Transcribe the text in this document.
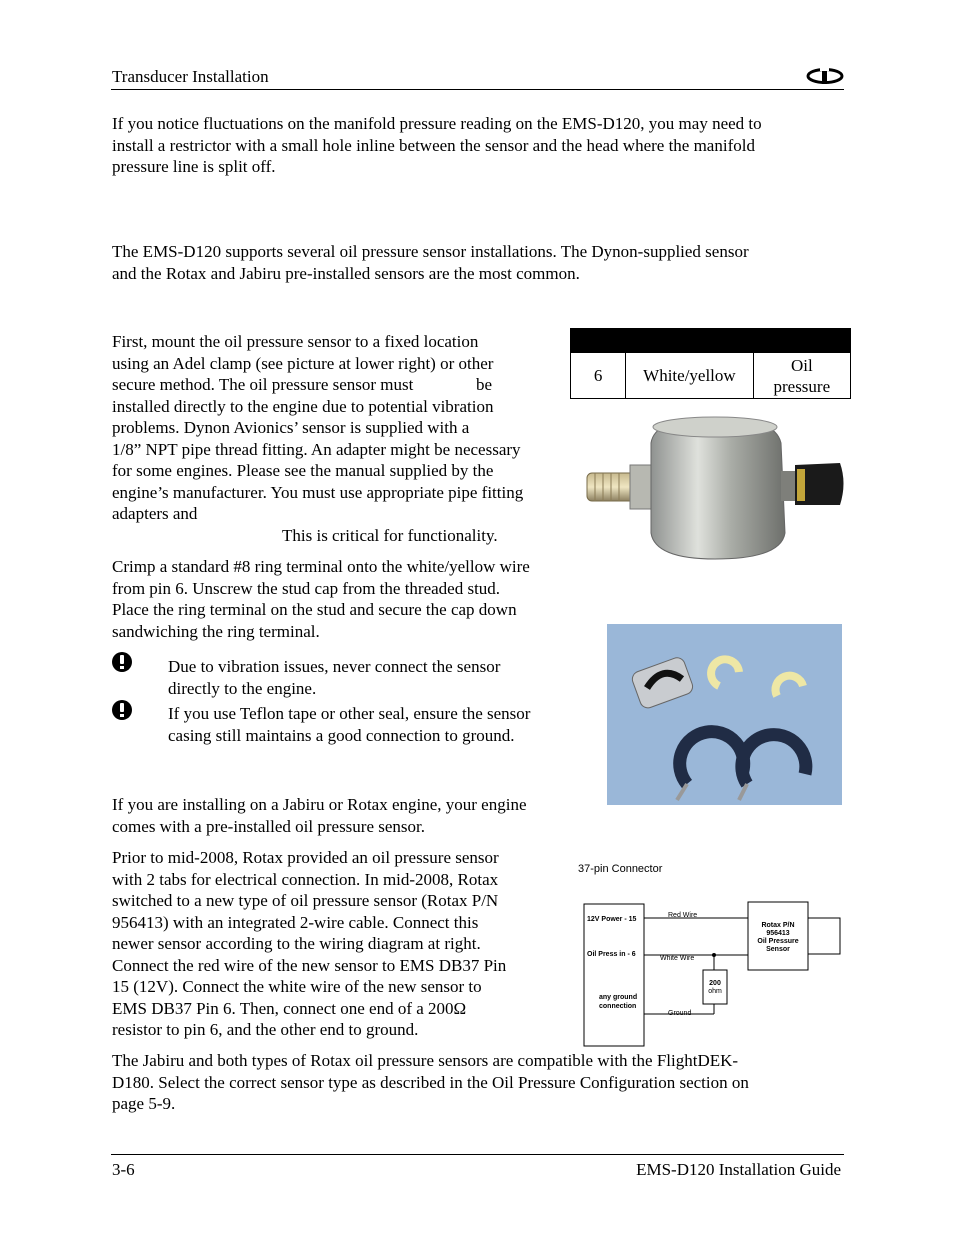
Transducer Installation
If you notice fluctuations on the manifold pressure reading on the EMS-D120, you may need to
install a restrictor with a small hole inline between the sensor and the head where the manifold
pressure line is split off.
The EMS-D120 supports several oil pressure sensor installations. The Dynon-supplied sensor
and the Rotax and Jabiru pre-installed sensors are the most common.
First, mount the oil pressure sensor to a fixed location
using an Adel clamp (see picture at lower right) or other
secure method. The oil pressure sensor must	be
installed directly to the engine due to potential vibration
problems. Dynon Avionics’ sensor is supplied with a
1/8” NPT pipe thread fitting. An adapter might be necessary
for some engines. Please see the manual supplied by the
engine’s manufacturer. You must use appropriate pipe fitting
adapters and
This is critical for functionality.

6	White/yellow	Oil
pressure
Crimp a standard #8 ring terminal onto the white/yellow wire
from pin 6. Unscrew the stud cap from the threaded stud.
Place the ring terminal on the stud and secure the cap down
sandwiching the ring terminal.
Due to vibration issues, never connect the sensor
directly to the engine.
If you use Teflon tape or other seal, ensure the sensor
casing still maintains a good connection to ground.
If you are installing on a Jabiru or Rotax engine, your engine
comes with a pre-installed oil pressure sensor.
Prior to mid-2008, Rotax provided an oil pressure sensor
with 2 tabs for electrical connection. In mid-2008, Rotax
switched to a new type of oil pressure sensor (Rotax P/N
956413) with an integrated 2-wire cable. Connect this
newer sensor according to the wiring diagram at right.
Connect the red wire of the new sensor to EMS DB37 Pin
15 (12V). Connect the white wire of the new sensor to
EMS DB37 Pin 6. Then, connect one end of a 200Ω
resistor to pin 6, and the other end to ground.
37-pin Connector
12V Power - 15
Oil Press in - 6
any ground
connection
Rotax P/N
956413
Oil Pressure
Sensor
Red Wire
White Wire
200
ohm
Ground
The Jabiru and both types of Rotax oil pressure sensors are compatible with the FlightDEK-
D180. Select the correct sensor type as described in the Oil Pressure Configuration section on
page 5-9.
3-6	EMS-D120 Installation Guide
